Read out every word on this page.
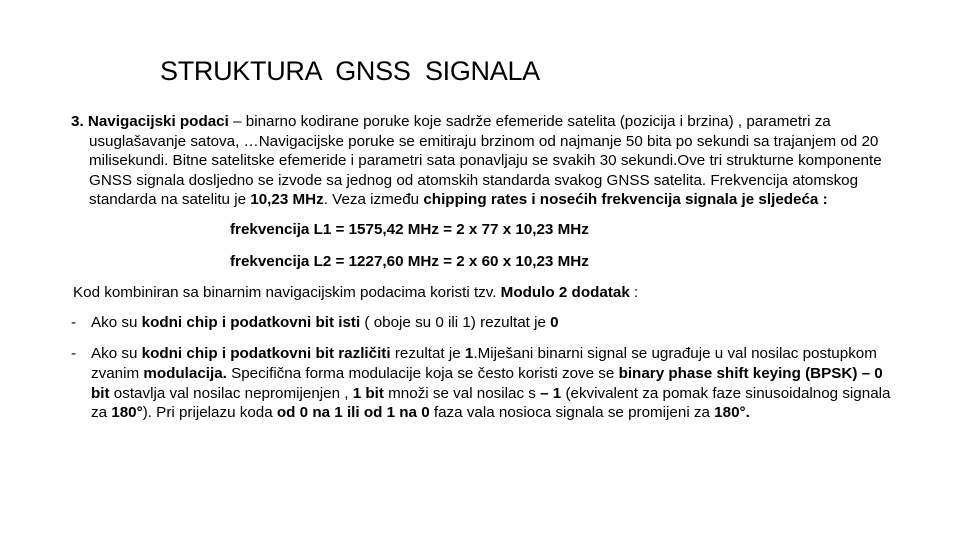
STRUKTURA  GNSS  SIGNALA

3. Navigacijski podaci – binarno kodirane poruke koje sadrže efemeride satelita (pozicija i brzina) , parametri za usuglašavanje satova, …Navigacijske poruke se emitiraju brzinom od najmanje 50 bita po sekundi sa trajanjem od 20 milisekundi. Bitne satelitske efemeride i parametri sata ponavljaju se svakih 30 sekundi.Ove tri strukturne komponente GNSS signala dosljedno se izvode sa jednog od atomskih standarda svakog GNSS satelita. Frekvencija atomskog standarda na satelitu je 10,23 MHz. Veza između chipping rates i nosećih frekvencija signala je sljedeća :

frekvencija L1 = 1575,42 MHz = 2 x 77 x 10,23 MHz

frekvencija L2 = 1227,60 MHz = 2 x 60 x 10,23 MHz

Kod kombiniran sa binarnim navigacijskim podacima koristi tzv. Modulo 2 dodatak :

- Ako su kodni chip i podatkovni bit isti ( oboje su 0 ili 1) rezultat je 0

- Ako su kodni chip i podatkovni bit različiti rezultat je 1.Miješani binarni signal se ugrađuje u val nosilac postupkom zvanim modulacija. Specifična forma modulacije koja se često koristi zove se binary phase shift keying (BPSK) – 0 bit ostavlja val nosilac nepromijenjen , 1 bit množi se val nosilac s – 1 (ekvivalent za pomak faze sinusoidalnog signala za 180°). Pri prijelazu koda od 0 na 1 ili od 1 na 0 faza vala nosioca signala se promijeni za 180°.
